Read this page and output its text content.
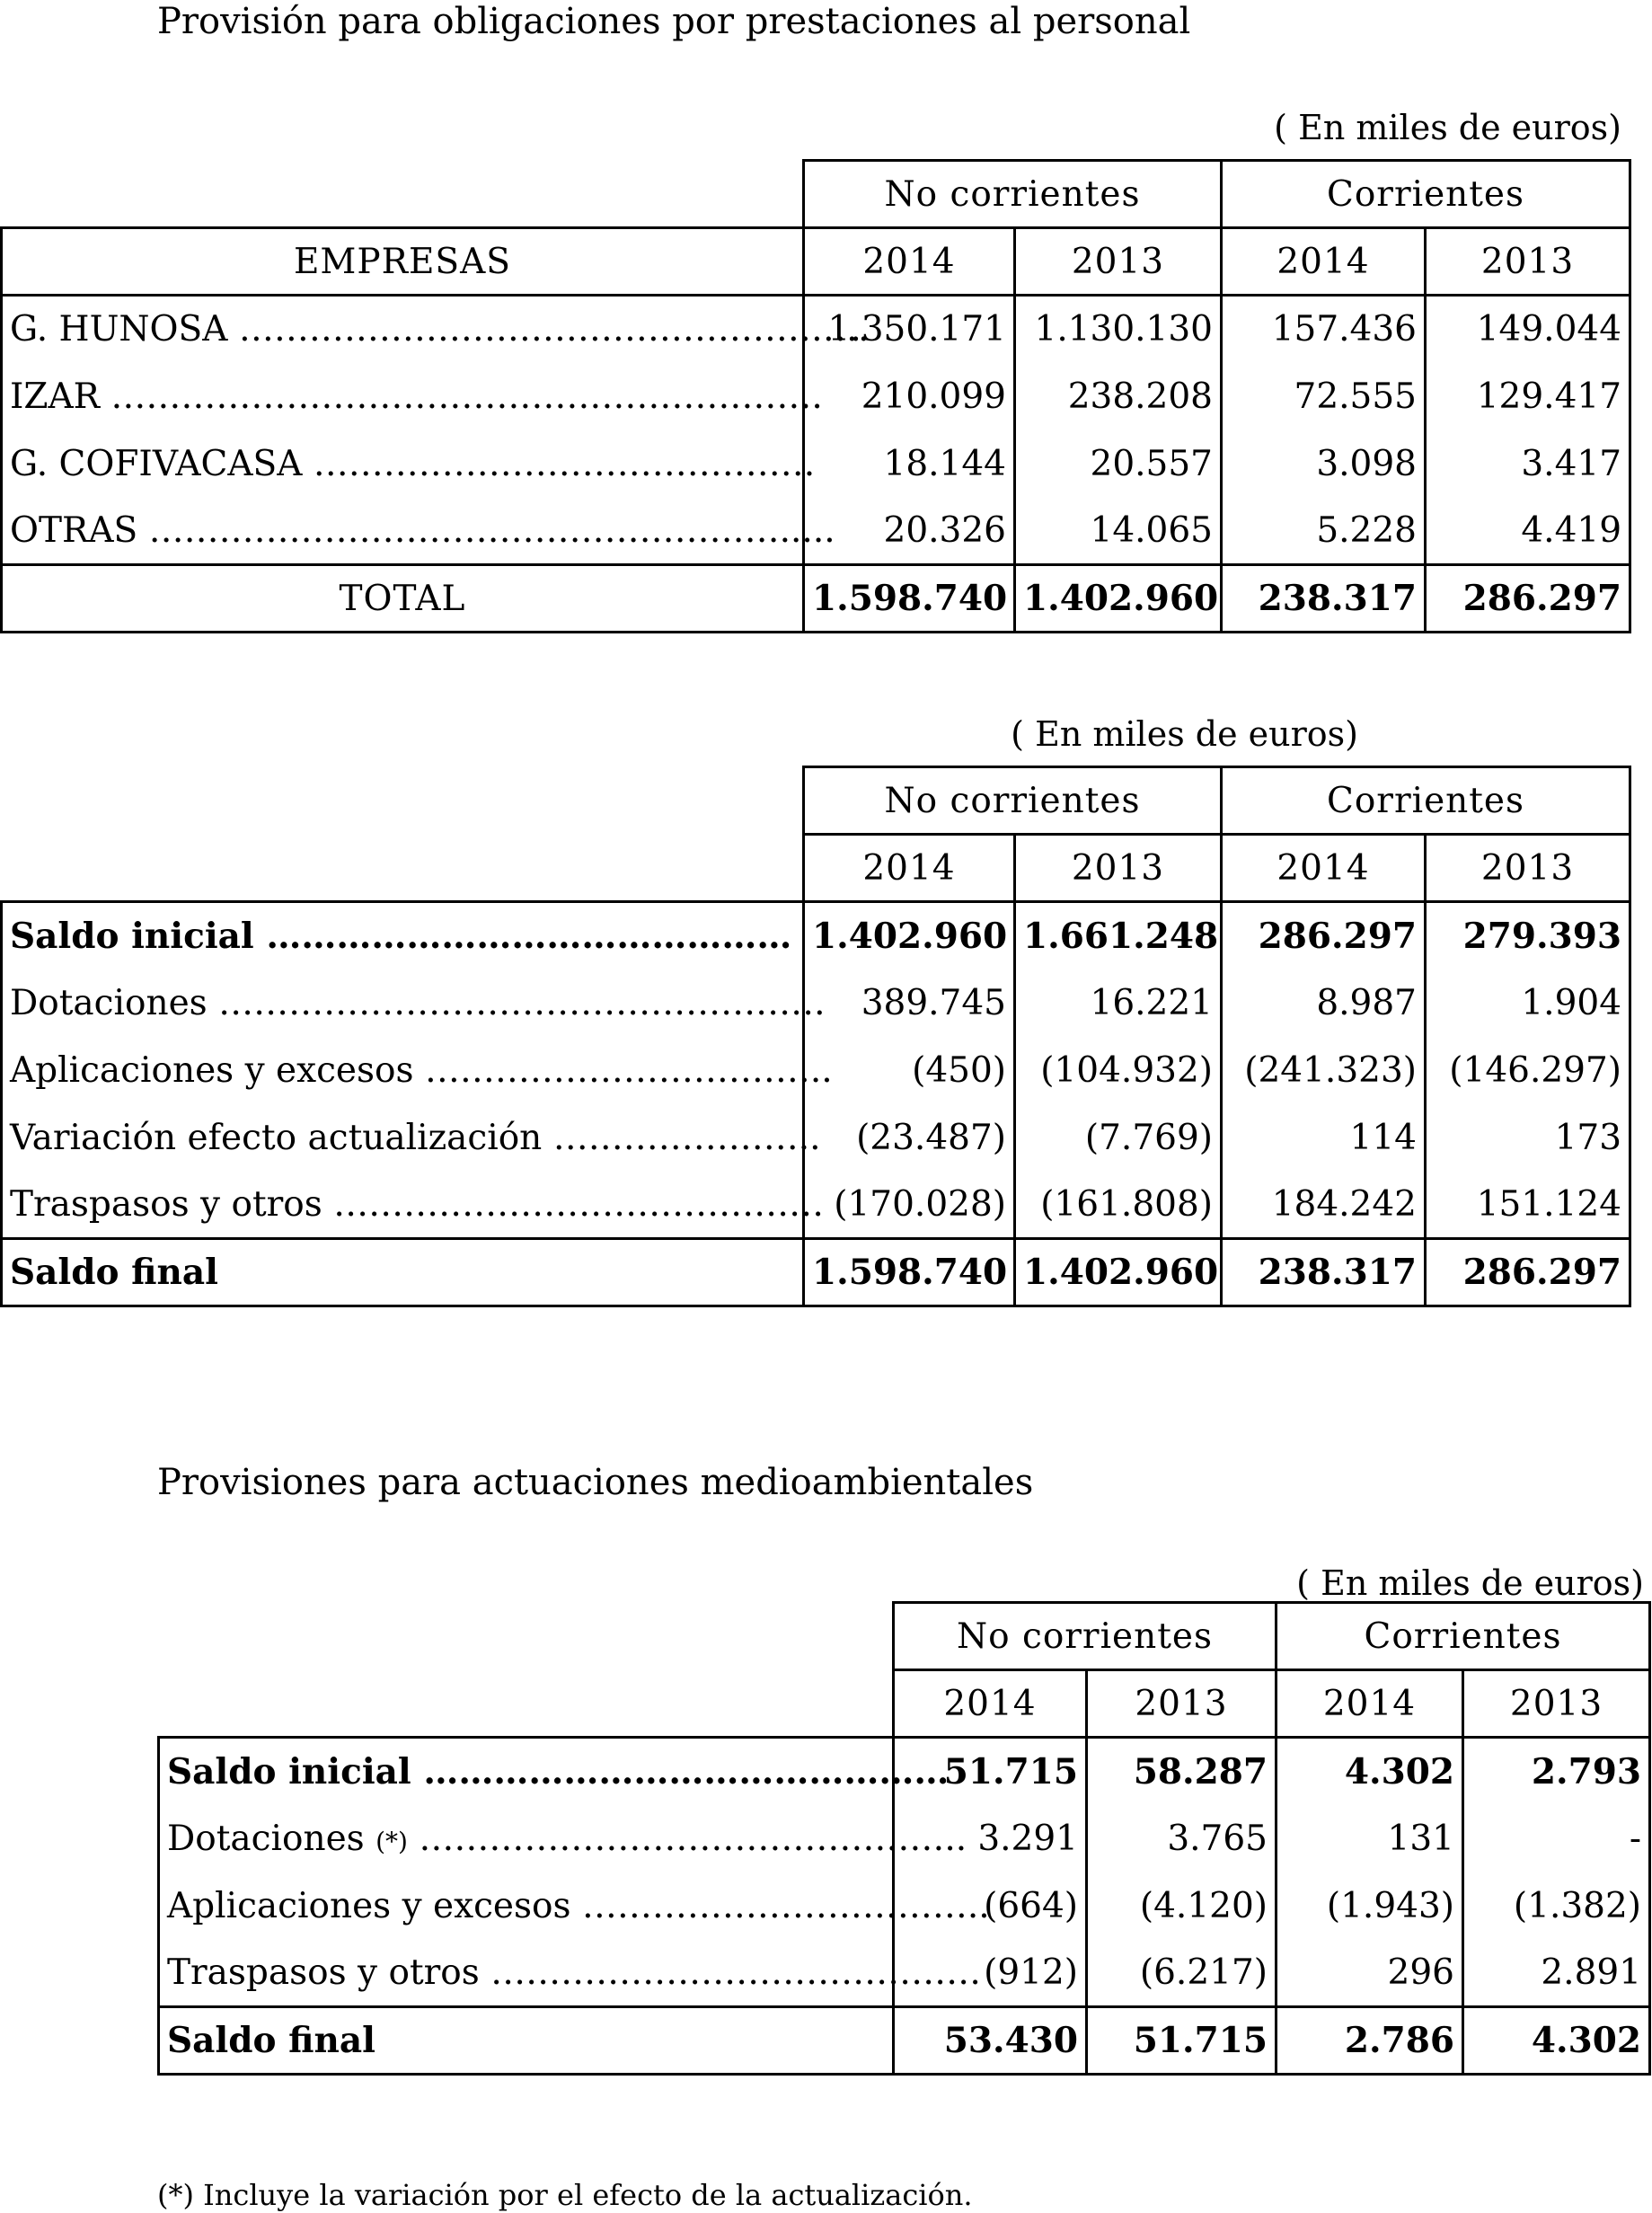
Provisión para obligaciones por prestaciones al personal
( En miles de euros)
	No corrientes		Corrientes	
EMPRESAS	2014	2013	2014	2013
G. HUNOSA ………………………………………………	1.350.171	1.130.130	157.436	149.044
IZAR …………………………………………………….	210.099	238.208	72.555	129.417
G. COFIVACASA …………………………………….	18.144	20.557	3.098	3.417
OTRAS ……………………………………………….....	20.326	14.065	5.228	4.419
TOTAL	1.598.740	1.402.960	238.317	286.297
( En miles de euros)
	No corrientes		Corrientes	
	2014	2013	2014	2013
Saldo inicial ………………………………………	1.402.960	1.661.248	286.297	279.393
Dotaciones …………………………………………….	389.745	16.221	8.987	1.904
Aplicaciones y excesos ……………………………..	(450)	(104.932)	(241.323)	(146.297)
Variación efecto actualización …………………..	(23.487)	(7.769)	114	173
Traspasos y otros ……………………………………	(170.028)	(161.808)	184.242	151.124
Saldo final	1.598.740	1.402.960	238.317	286.297
Provisiones para actuaciones medioambientales
( En miles de euros)
	No corrientes		Corrientes	
	2014	2013	2014	2013
Saldo inicial ………………………………………	51.715	58.287	4.302	2.793
Dotaciones (*) ………………………………………..	3.291	3.765	131	-
Aplicaciones y excesos ……………………………..	(664)	(4.120)	(1.943)	(1.382)
Traspasos y otros ……………………………………	(912)	(6.217)	296	2.891
Saldo final	53.430	51.715	2.786	4.302
(*) Incluye la variación por el efecto de la actualización.
